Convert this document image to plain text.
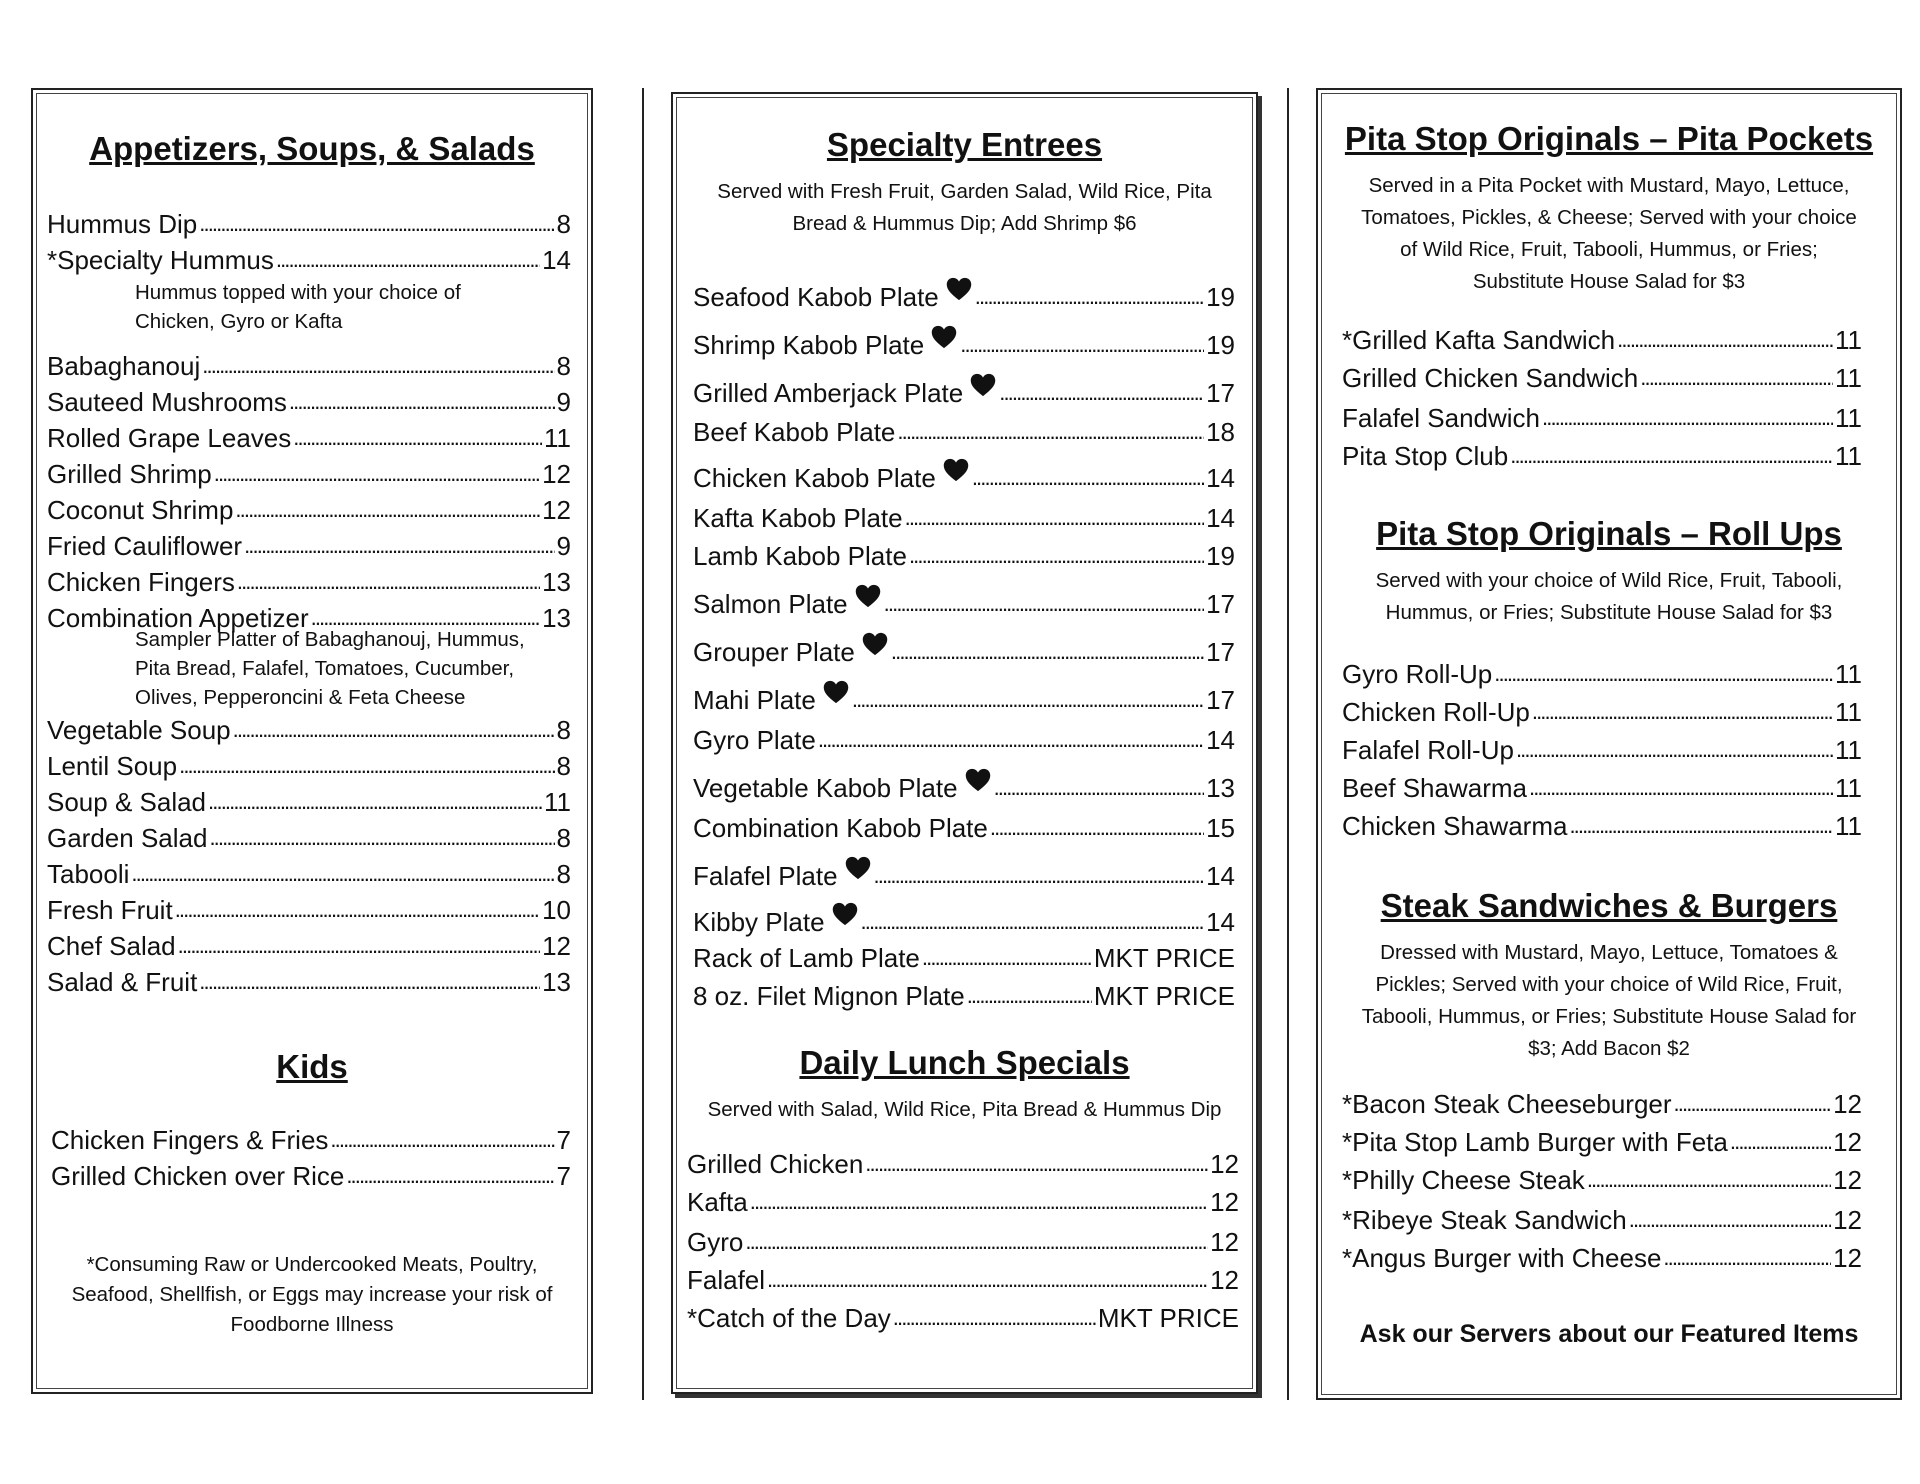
Appetizers, Soups, & Salads
Hummus Dip . . .	8
*Specialty Hummus . . .	14
Babaghanouj . . .	8
Sauteed Mushrooms . . .	9
Rolled Grape Leaves . . .	11
Grilled Shrimp . . .	12
Coconut Shrimp . . .	12
Fried Cauliflower . . .	9
Chicken Fingers . . .	13
Combination Appetizer . . .	13
Vegetable Soup . . .	8
Lentil Soup . . .	8
Soup & Salad . . .	11
Garden Salad . . .	8
Tabooli . . .	8
Fresh Fruit . . .	10
Chef Salad . . .	12
Salad & Fruit . . .	13
Hummus topped with your choice of
Chicken, Gyro or Kafta
Sampler Platter of Babaghanouj, Hummus,
Pita Bread, Falafel, Tomatoes, Cucumber,
Olives, Pepperoncini & Feta Cheese
Kids
Chicken Fingers & Fries . . .	7
Grilled Chicken over Rice . . .	7
*Consuming Raw or Undercooked Meats, Poultry,
Seafood, Shellfish, or Eggs may increase your risk of
Foodborne Illness
Specialty Entrees
Served with Fresh Fruit, Garden Salad, Wild Rice, Pita
Bread & Hummus Dip; Add Shrimp $6
Seafood Kabob Plate . . .	19
Shrimp Kabob Plate . . .	19
Grilled Amberjack Plate . . .	17
Beef Kabob Plate . . .	18
Chicken Kabob Plate . . .	14
Kafta Kabob Plate . . .	14
Lamb Kabob Plate . . .	19
Salmon Plate . . .	17
Grouper Plate . . .	17
Mahi Plate . . .	17
Gyro Plate . . .	14
Vegetable Kabob Plate . . .	13
Combination Kabob Plate . . .	15
Falafel Plate . . .	14
Kibby Plate . . .	14
Rack of Lamb Plate . . .	MKT PRICE
8 oz. Filet Mignon Plate . . .	MKT PRICE
Daily Lunch Specials
Served with Salad, Wild Rice, Pita Bread & Hummus Dip
Grilled Chicken . . .	12
Kafta . . .	12
Gyro . . .	12
Falafel . . .	12
*Catch of the Day . . .	MKT PRICE
Pita Stop Originals – Pita Pockets
Served in a Pita Pocket with Mustard, Mayo, Lettuce,
Tomatoes, Pickles, & Cheese; Served with your choice
of Wild Rice, Fruit, Tabooli, Hummus, or Fries;
Substitute House Salad for $3
*Grilled Kafta Sandwich . . .	11
Grilled Chicken Sandwich . . .	11
Falafel Sandwich . . .	11
Pita Stop Club . . .	11
Pita Stop Originals – Roll Ups
Served with your choice of Wild Rice, Fruit, Tabooli,
Hummus, or Fries; Substitute House Salad for $3
Gyro Roll-Up . . .	11
Chicken Roll-Up . . .	11
Falafel Roll-Up . . .	11
Beef Shawarma . . .	11
Chicken Shawarma . . .	11
Steak Sandwiches & Burgers
Dressed with Mustard, Mayo, Lettuce, Tomatoes &
Pickles; Served with your choice of Wild Rice, Fruit,
Tabooli, Hummus, or Fries; Substitute House Salad for
$3; Add Bacon $2
*Bacon Steak Cheeseburger . . .	12
*Pita Stop Lamb Burger with Feta . . .	12
*Philly Cheese Steak . . .	12
*Ribeye Steak Sandwich . . .	12
*Angus Burger with Cheese . . .	12
Ask our Servers about our Featured Items
